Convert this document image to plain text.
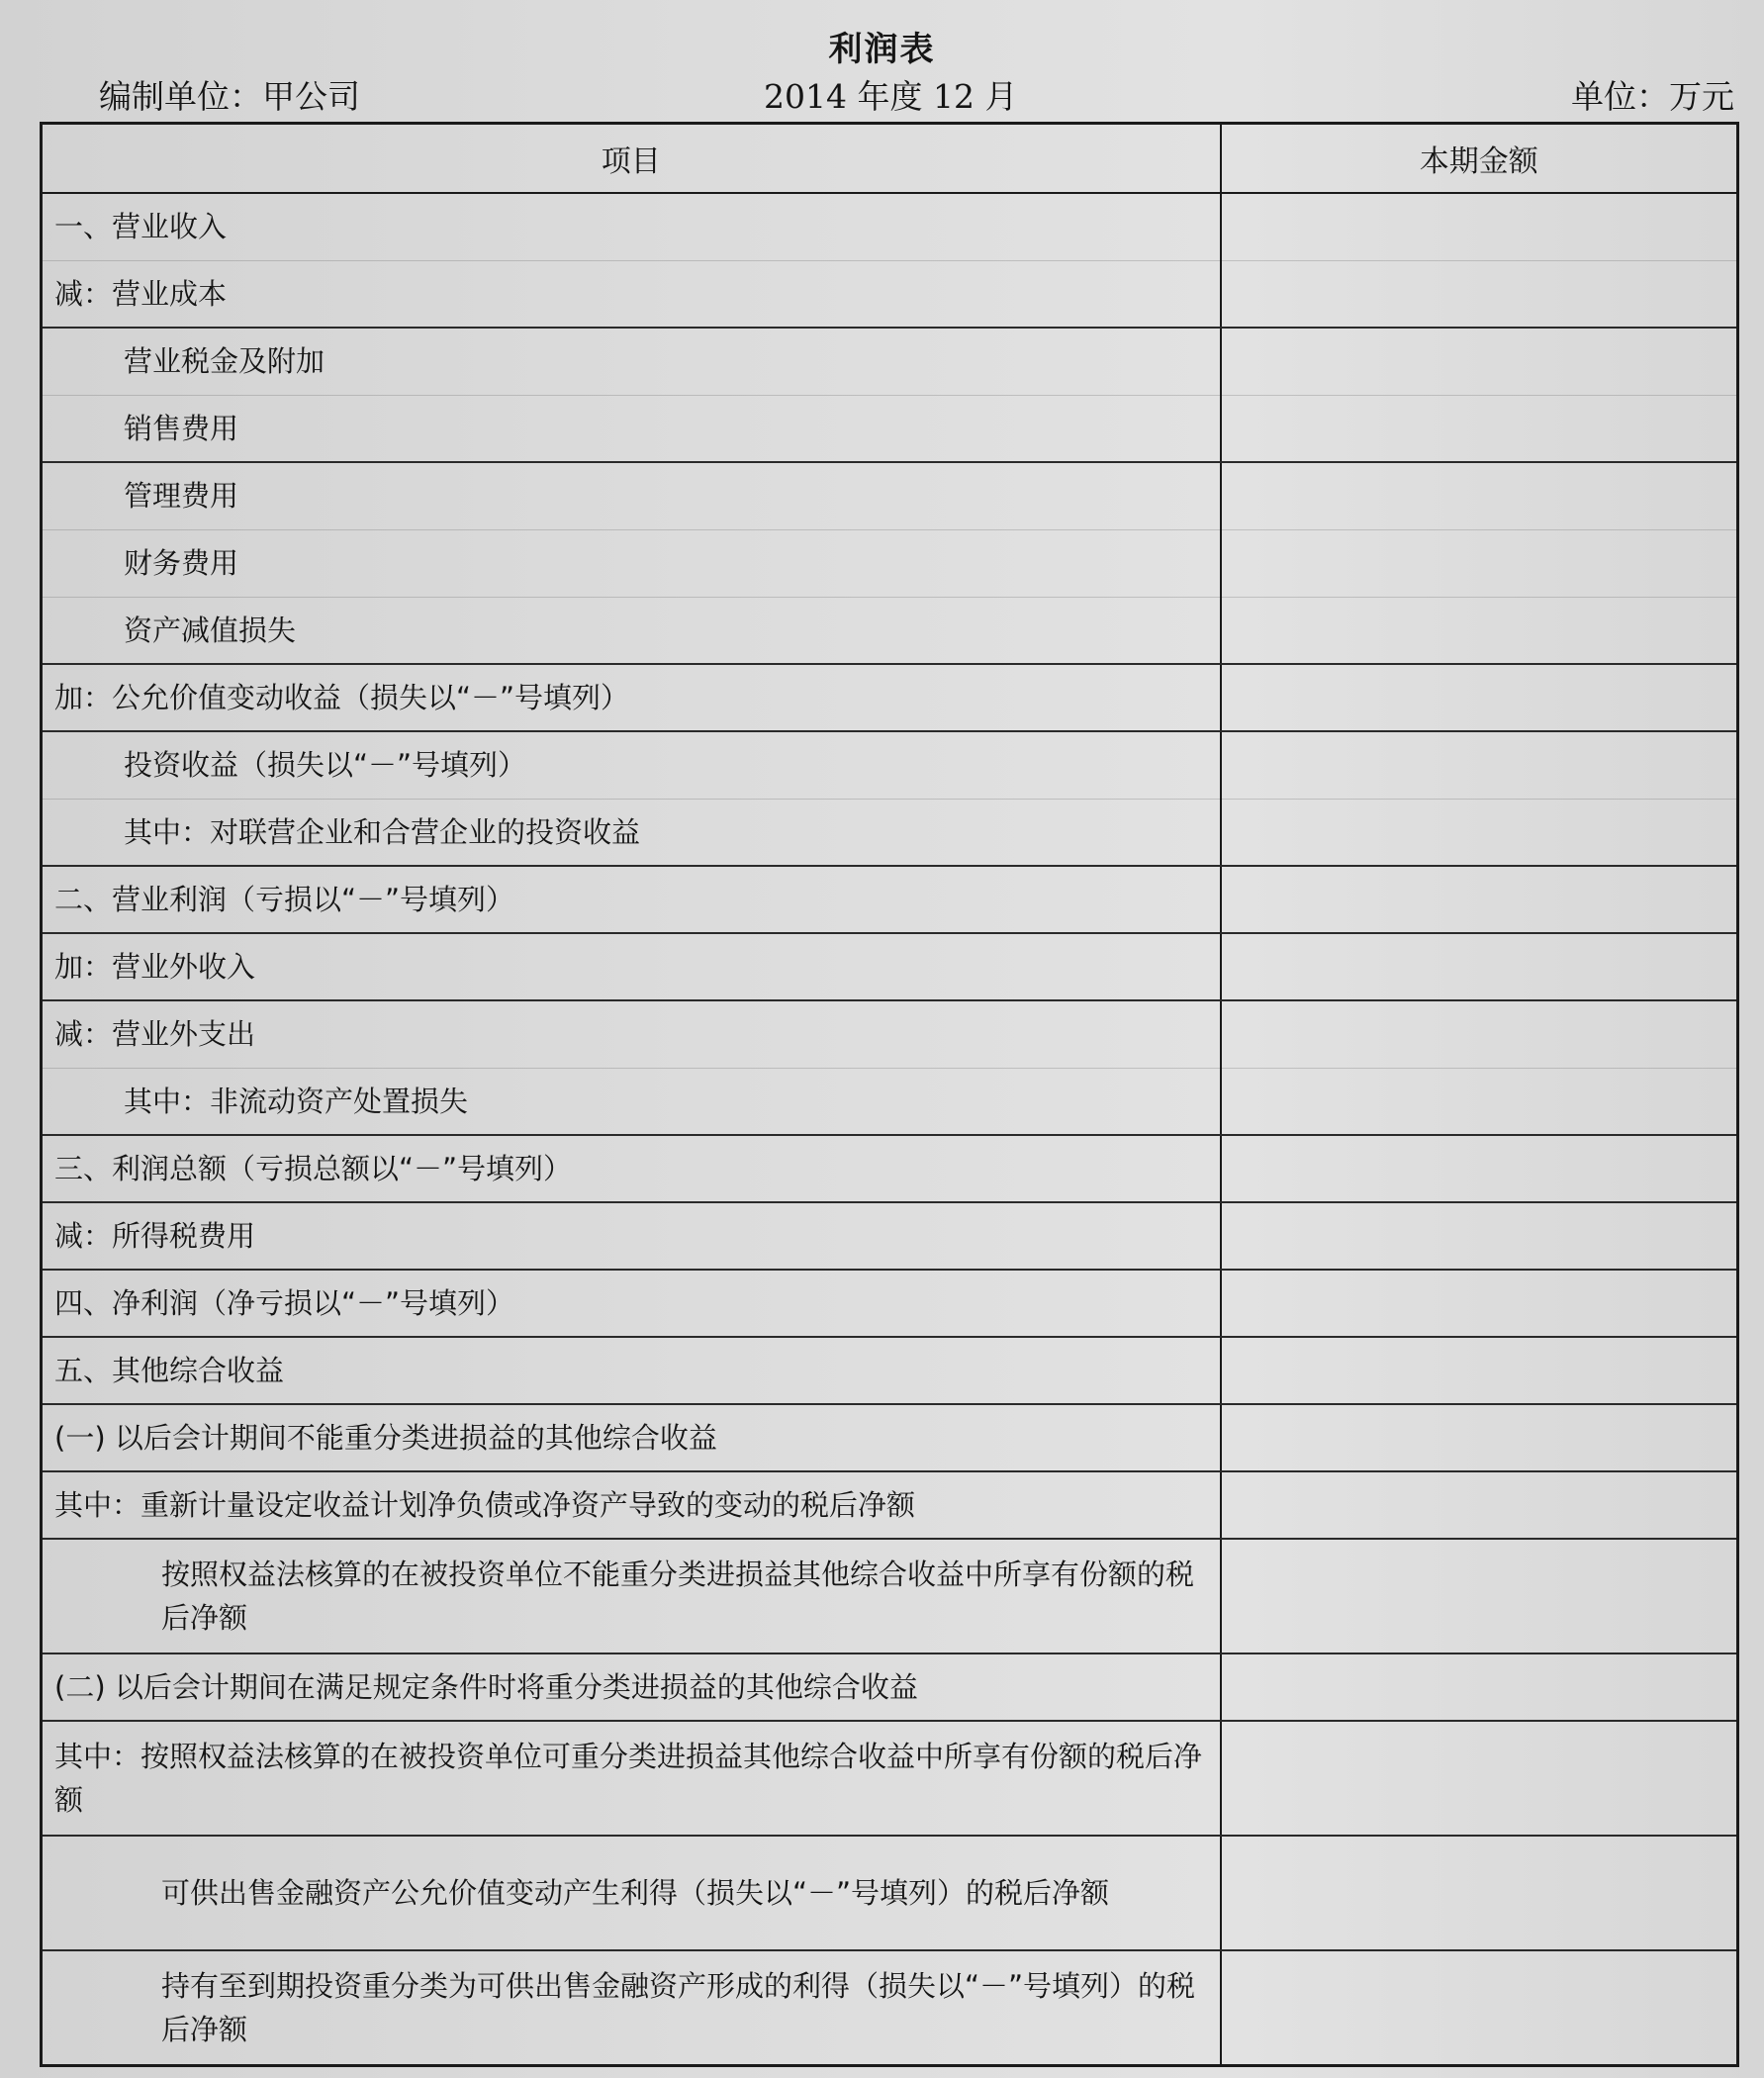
利润表
编制单位：甲公司	2014 年度 12 月	单位：万元
项目	本期金额
一、营业收入	
减：营业成本	
营业税金及附加	
销售费用	
管理费用	
财务费用	
资产减值损失	
加：公允价值变动收益（损失以“－”号填列）	
投资收益（损失以“－”号填列）	
其中：对联营企业和合营企业的投资收益	
二、营业利润（亏损以“－”号填列）	
加：营业外收入	
减：营业外支出	
其中：非流动资产处置损失	
三、利润总额（亏损总额以“－”号填列）	
减：所得税费用	
四、净利润（净亏损以“－”号填列）	
五、其他综合收益	
(一) 以后会计期间不能重分类进损益的其他综合收益	
其中：重新计量设定收益计划净负债或净资产导致的变动的税后净额	
按照权益法核算的在被投资单位不能重分类进损益其他综合收益中所享有份额的税后净额	
(二) 以后会计期间在满足规定条件时将重分类进损益的其他综合收益	
其中：按照权益法核算的在被投资单位可重分类进损益其他综合收益中所享有份额的税后净额	
可供出售金融资产公允价值变动产生利得（损失以“－”号填列）的税后净额	
持有至到期投资重分类为可供出售金融资产形成的利得（损失以“－”号填列）的税后净额	
